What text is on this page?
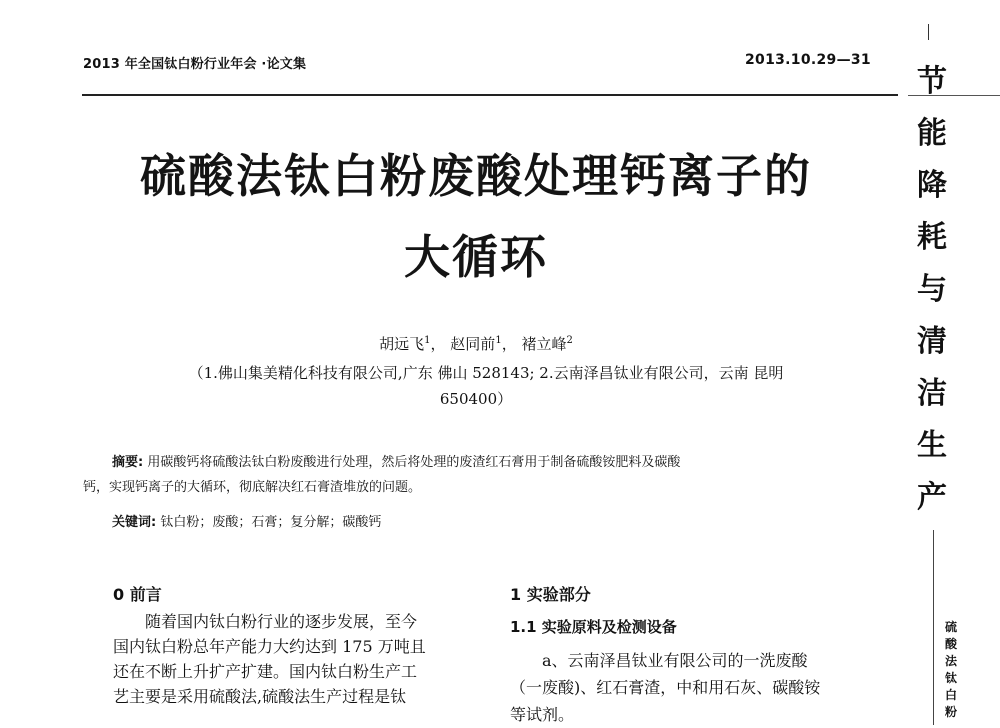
2013 年全国钛白粉行业年会 ·论文集	2013.10.29—31
硫酸法钛白粉废酸处理钙离子的
大循环
胡远飞$^1$， 赵同前$^1$， 褚立峰$^2$
（1.佛山集美精化科技有限公司,广东 佛山 528143; 2.云南泽昌钛业有限公司，云南 昆明
650400）
摘要: 用碳酸钙将硫酸法钛白粉废酸进行处理，然后将处理的废渣红石膏用于制备硫酸铵肥料及碳酸
钙，实现钙离子的大循环，彻底解决红石膏渣堆放的问题。
关键词: 钛白粉；废酸；石膏；复分解；碳酸钙
0 前言

随着国内钛白粉行业的逐步发展，至今

国内钛白粉总年产能力大约达到 175 万吨且

还在不断上升扩产扩建。国内钛白粉生产工

艺主要是采用硫酸法,硫酸法生产过程是钛

1 实验部分
1.1 实验原料及检测设备

a、云南泽昌钛业有限公司的一洗废酸

（一废酸)、红石膏渣，中和用石灰、碳酸铵

等试剂。

节
能
降
耗
与
清
洁
生
产
硫
酸
法
钛
白
粉
